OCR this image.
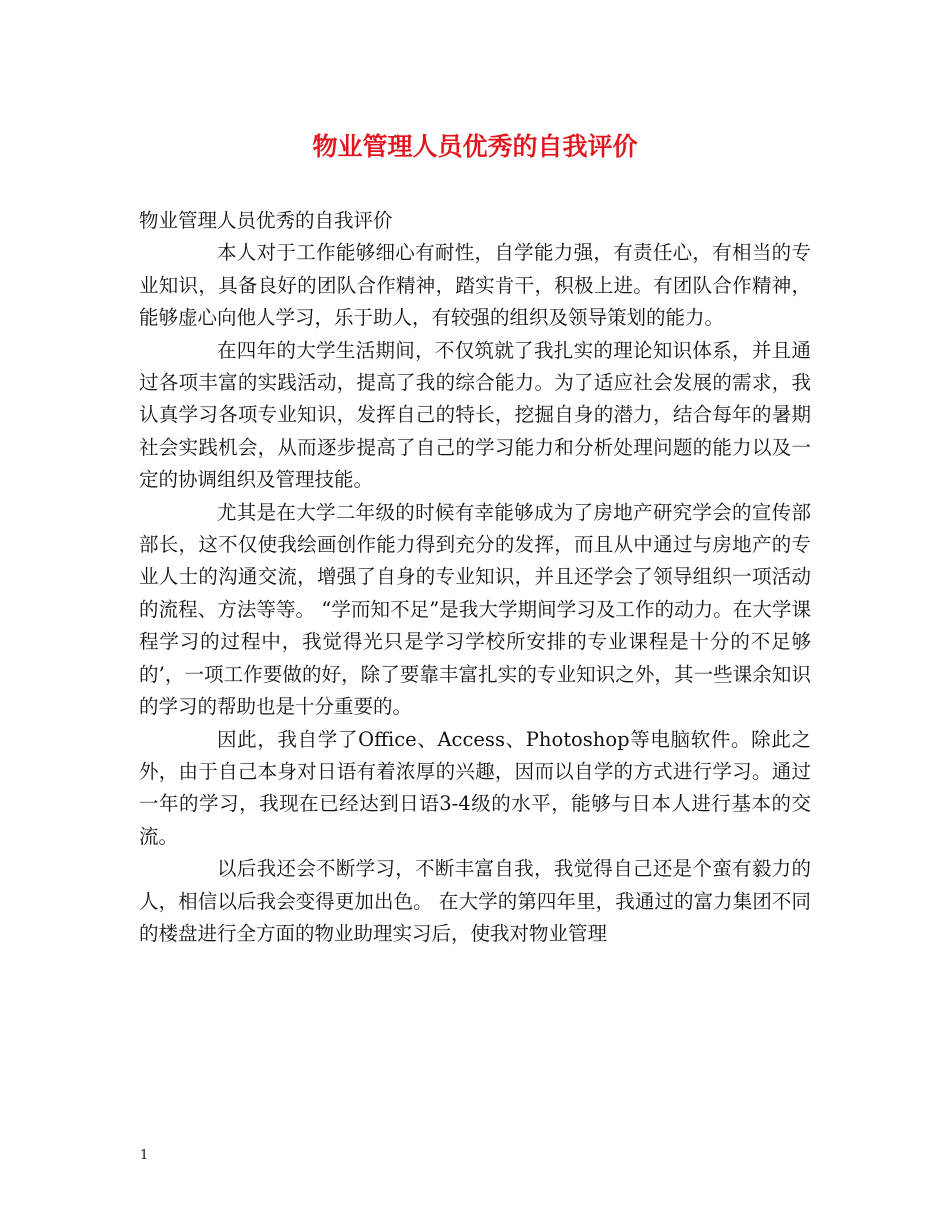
物业管理人员优秀的自我评价

物业管理人员优秀的自我评价

本人对于工作能够细心有耐性，自学能力强，有责任心，有相当的专业知识，具备良好的团队合作精神，踏实肯干，积极上进。有团队合作精神，能够虚心向他人学习，乐于助人，有较强的组织及领导策划的能力。

在四年的大学生活期间，不仅筑就了我扎实的理论知识体系，并且通过各项丰富的实践活动，提高了我的综合能力。为了适应社会发展的需求，我认真学习各项专业知识，发挥自己的特长，挖掘自身的潜力，结合每年的暑期社会实践机会，从而逐步提高了自己的学习能力和分析处理问题的能力以及一定的协调组织及管理技能。

尤其是在大学二年级的时候有幸能够成为了房地产研究学会的宣传部部长，这不仅使我绘画创作能力得到充分的发挥，而且从中通过与房地产的专业人士的沟通交流，增强了自身的专业知识，并且还学会了领导组织一项活动的流程、方法等等。 “学而知不足”是我大学期间学习及工作的动力。在大学课程学习的过程中，我觉得光只是学习学校所安排的专业课程是十分的不足够的’，一项工作要做的好，除了要靠丰富扎实的专业知识之外，其一些课余知识的学习的帮助也是十分重要的。

因此，我自学了Office、Access、Photoshop等电脑软件。除此之外，由于自己本身对日语有着浓厚的兴趣，因而以自学的方式进行学习。通过一年的学习，我现在已经达到日语3-4级的水平，能够与日本人进行基本的交流。

以后我还会不断学习，不断丰富自我，我觉得自己还是个蛮有毅力的人，相信以后我会变得更加出色。 在大学的第四年里，我通过的富力集团不同的楼盘进行全方面的物业助理实习后，使我对物业管理

1
